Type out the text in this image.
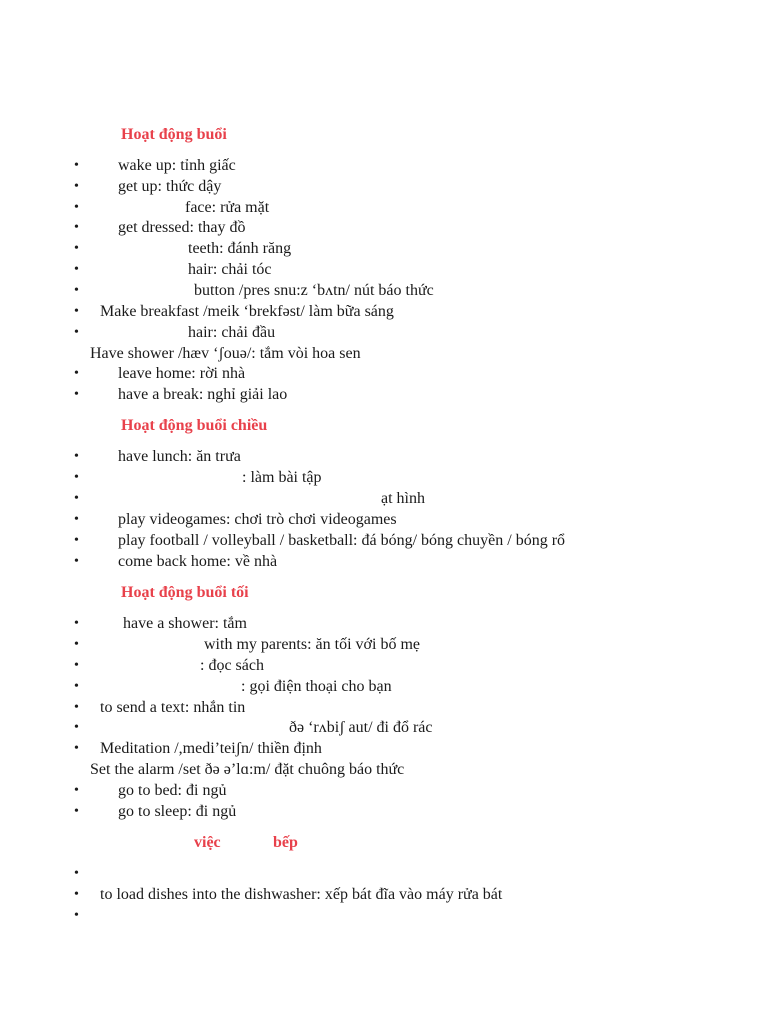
Hoạt động buổi
• wake up: tỉnh giấc
• get up: thức dậy
•	face: rửa mặt
• get dressed: thay đồ
•	teeth: đánh răng
•	hair: chải tóc
•	button /pres snu:z ‘bʌtn/ nút báo thức
• Make breakfast /meik ‘brekfəst/ làm bữa sáng
•	hair: chải đầu
Have shower /hæv ‘ʃouə/: tắm vòi hoa sen
• leave home: rời nhà
• have a break: nghỉ giải lao
Hoạt động buổi chiều
• have lunch: ăn trưa
•	: làm bài tập
•	ạt hình
• play videogames: chơi trò chơi videogames
• play football / volleyball / basketball: đá bóng/ bóng chuyền / bóng rổ
• come back home: về nhà
Hoạt động buổi tối
•	have a shower: tắm
•	with my parents: ăn tối với bố mẹ
•	: đọc sách
•	: gọi điện thoại cho bạn
• to send a text: nhắn tin
•	ðə ‘rʌbiʃ aut/ đi đổ rác
• Meditation /,medi’teiʃn/ thiền định
Set the alarm /set ðə ə’lɑ:m/ đặt chuông báo thức
• go to bed: đi ngủ
• go to sleep: đi ngủ
việc	bếp
•
• to load dishes into the dishwasher: xếp bát đĩa vào máy rửa bát
•
